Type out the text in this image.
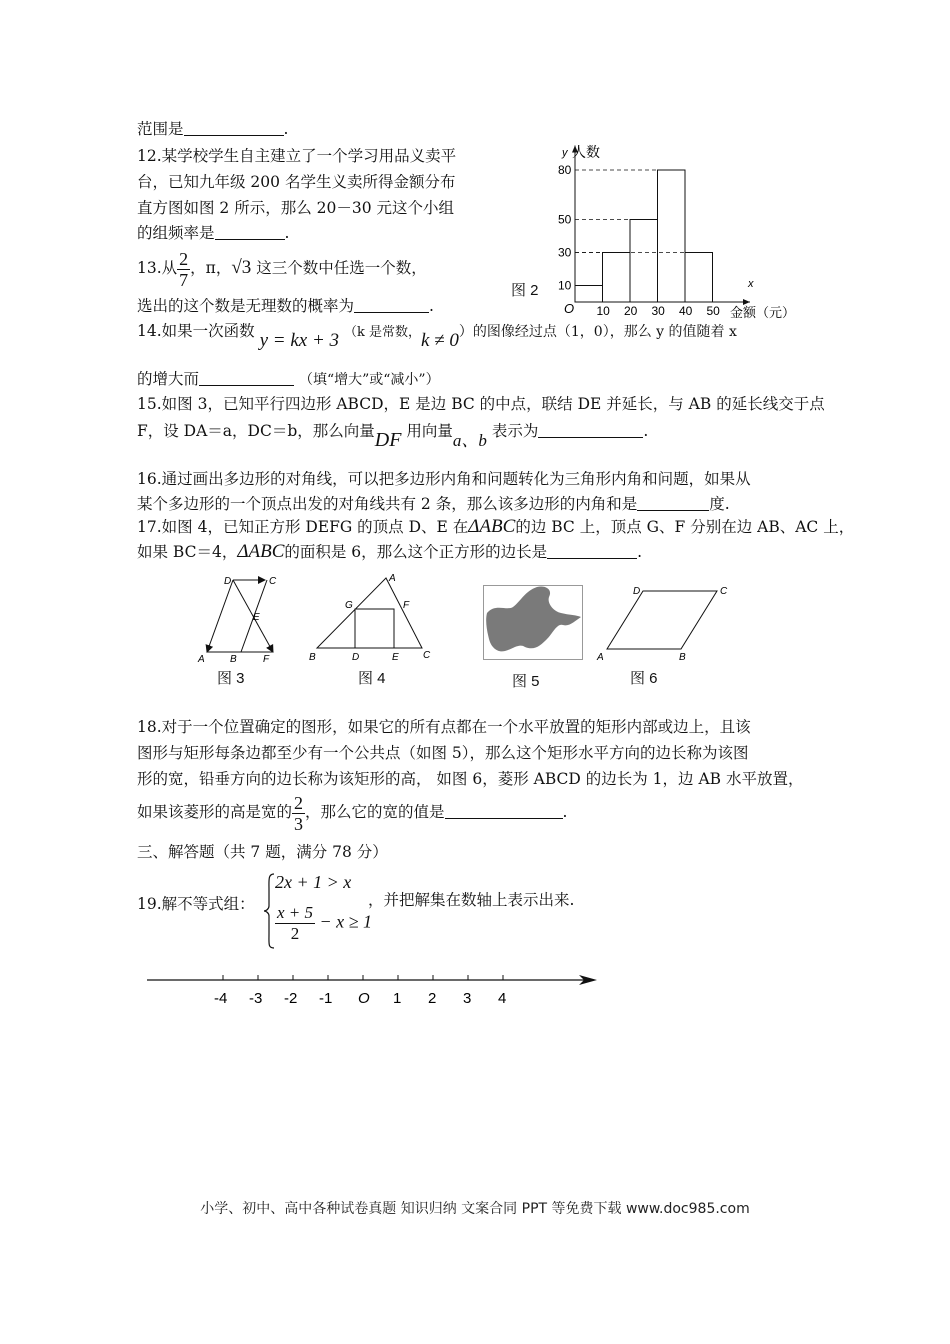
范围是	.
12.某学校学生自主建立了一个学习用品义卖平
台，已知九年级 200 名学生义卖所得金额分布
直方图如图 2 所示，那么 20－30 元这个小组
的组频率是	.
10 20 30 40 50
10
30
50
80
y 人数
x
金额（元）
O
图 2
13.从 $\frac{2}{7}$ ，π，√3 这三个数中任选一个数，
选出的这个数是无理数的概率为	.
14.如果一次函数 y = kx + 3 （k 是常数，k ≠ 0）的图像经过点（1，0），那么 y 的值随着 x
的增大而	（填“增大”或“减小”）
15.如图 3，已知平行四边形 ABCD，E 是边 BC 的中点，联结 DE 并延长，与 AB 的延长线交于点
F，设 DA＝a，DC＝b，那么向量DF 用向量a、b 表示为	.
16.通过画出多边形的对角线，可以把多边形内角和问题转化为三角形内角和问题，如果从
某个多边形的一个顶点出发的对角线共有 2 条，那么该多边形的内角和是	度.
17.如图 4，已知正方形 DEFG 的顶点 D、E 在ΔABC的边 BC 上，顶点 G、F 分别在边 AB、AC 上，
如果 BC＝4，ΔABC的面积是 6，那么这个正方形的边长是	.
D	C
E
A	B	F
图 3
A
G	F
B	D	E C
图 4	图 5
D	C
A	B
图 6
18.对于一个位置确定的图形，如果它的所有点都在一个水平放置的矩形内部或边上，且该
图形与矩形每条边都至少有一个公共点（如图 5），那么这个矩形水平方向的边长称为该图
形的宽，铅垂方向的边长称为该矩形的高， 如图 6，菱形 ABCD 的边长为 1，边 AB 水平放置，
如果该菱形的高是宽的 $\frac{2}{3}$ ，那么它的宽的值是	.
三、解答题（共 7 题，满分 78 分）
19.解不等式组：
2x + 1 > x
$\frac{x + 5}{2} - x \ge 1$
，并把解集在数轴上表示出来.
-4 -3 -2 -1 O 1 2 3 4
小学、初中、高中各种试卷真题 知识归纳 文案合同 PPT 等免费下载 www.doc985.com
